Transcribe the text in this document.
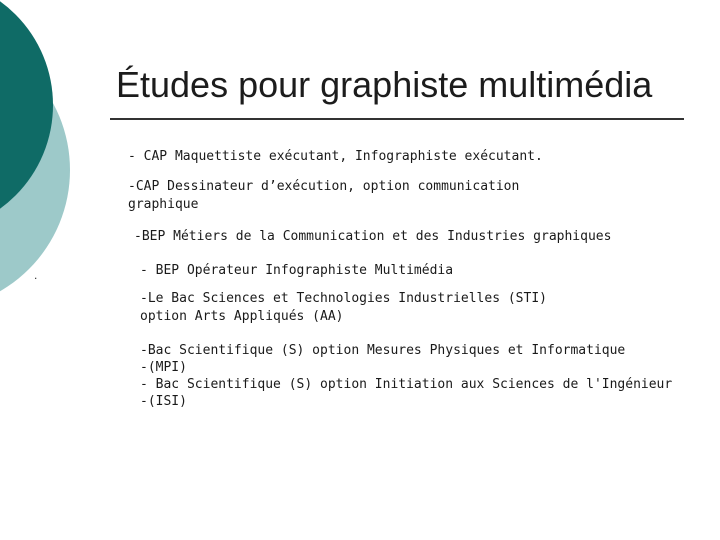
Études pour graphiste multimédia
.

- CAP Maquettiste exécutant, Infographiste exécutant.

-CAP Dessinateur d’exécution, option communication

graphique

-BEP Métiers de la Communication et des Industries graphiques

- BEP Opérateur Infographiste Multimédia

-Le Bac Sciences et Technologies Industrielles (STI)

option Arts Appliqués (AA)

-Bac Scientifique (S) option Mesures Physiques et Informatique

-(MPI)

- Bac Scientifique (S) option Initiation aux Sciences de l'Ingénieur

-(ISI)
